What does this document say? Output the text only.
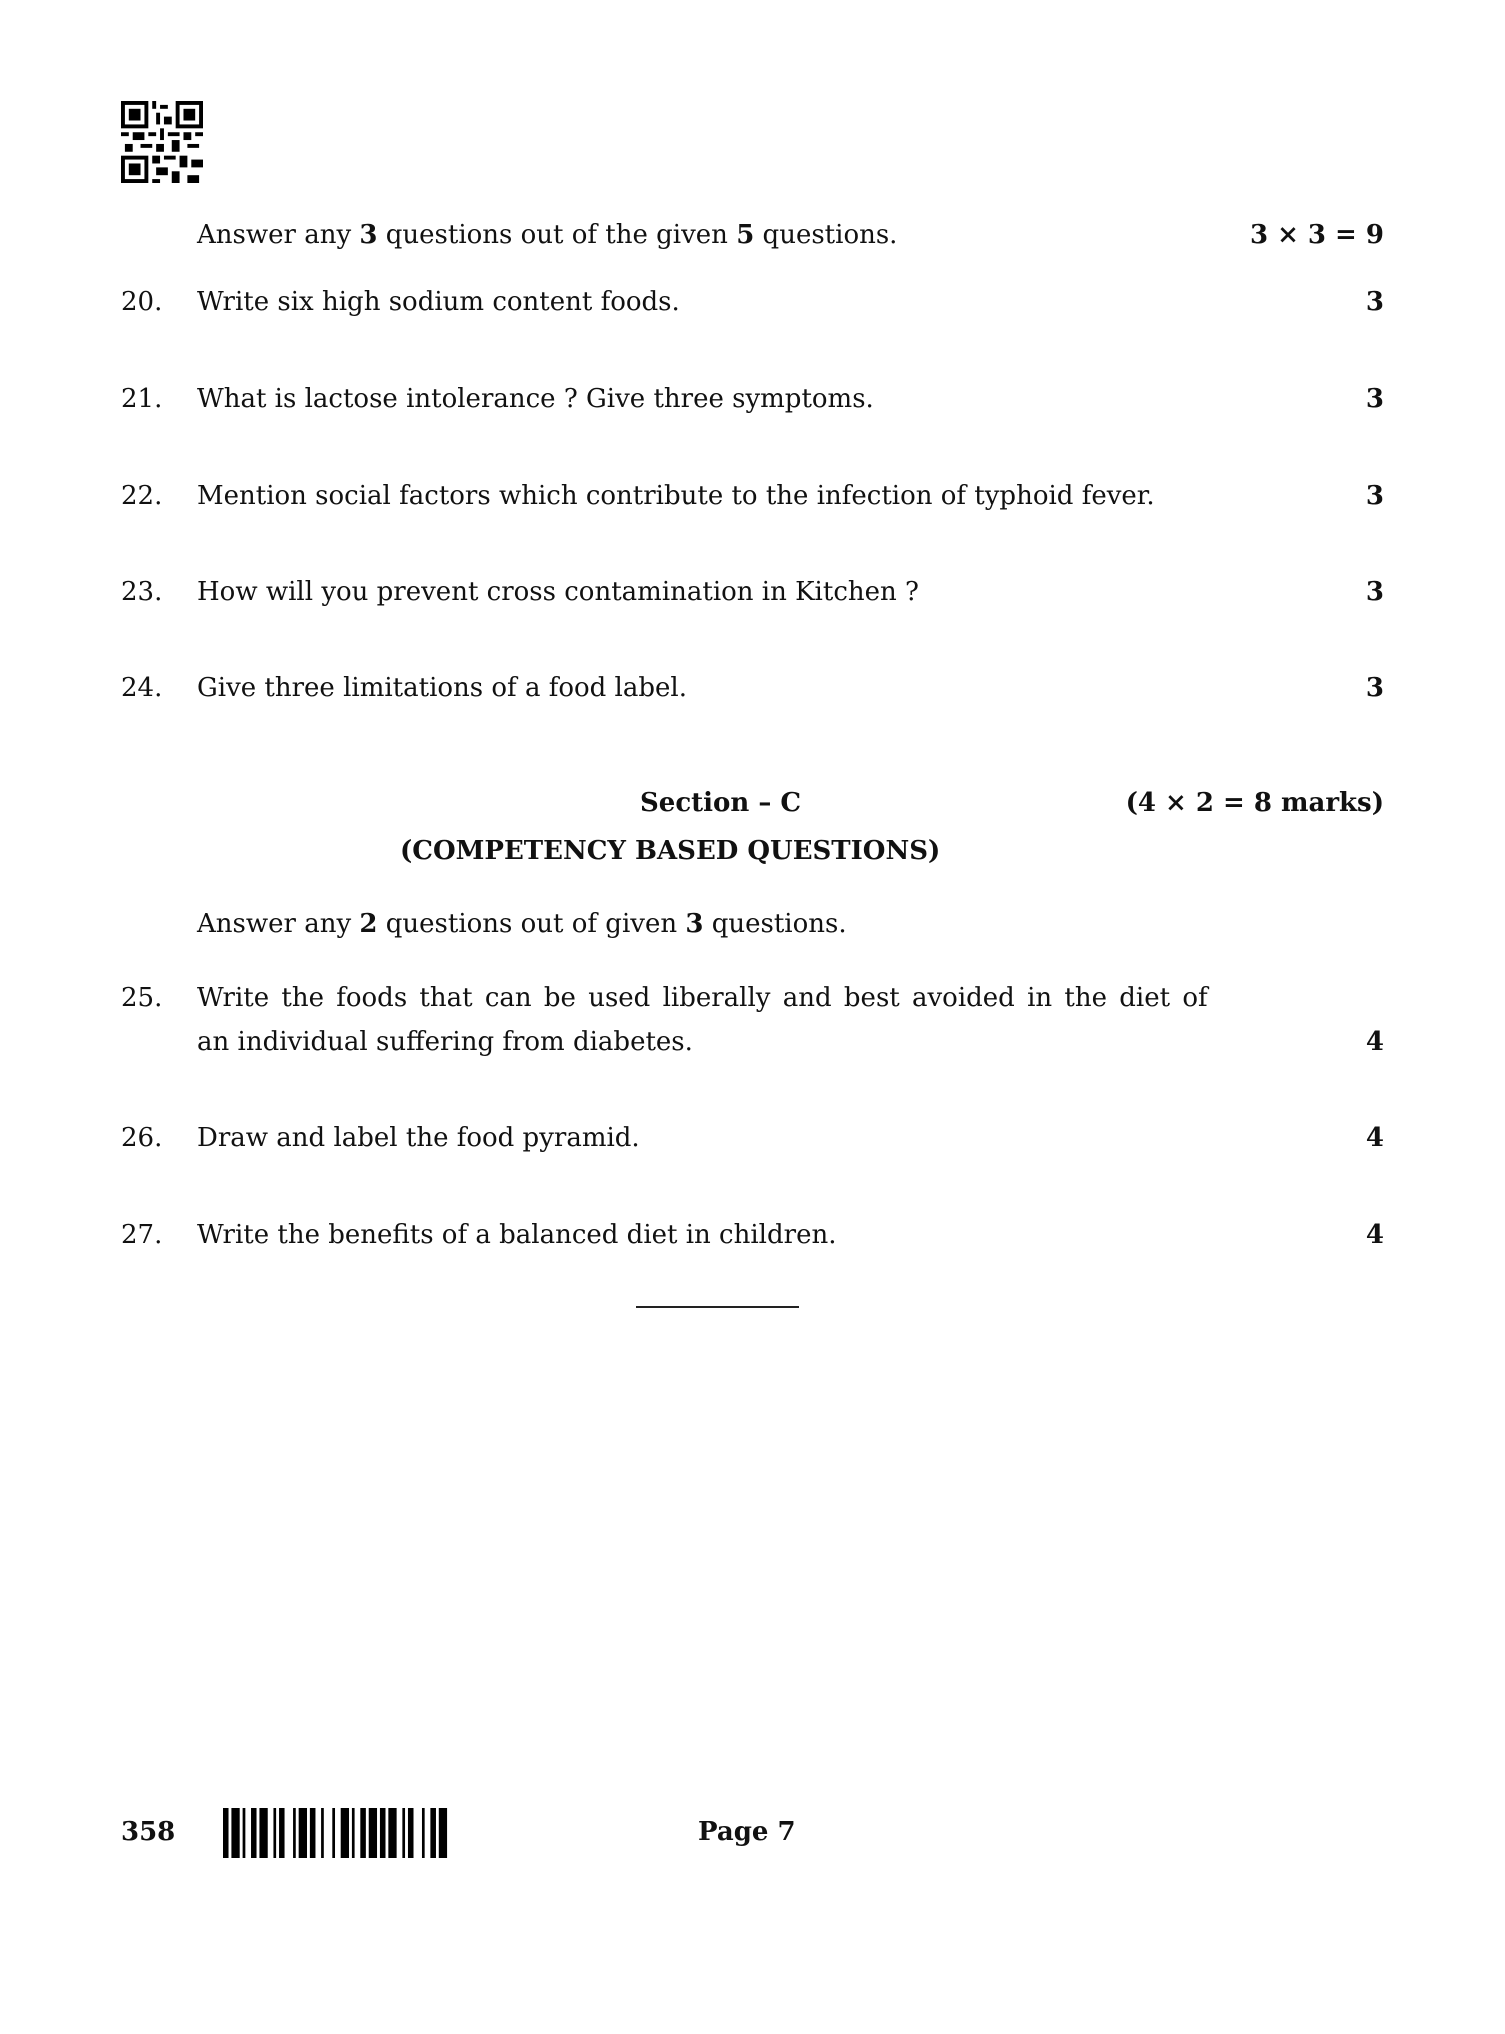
Answer any 3 questions out of the given 5 questions.	3 × 3 = 9
20. Write six high sodium content foods.	3
21. What is lactose intolerance ? Give three symptoms.	3
22. Mention social factors which contribute to the infection of typhoid fever.	3
23. How will you prevent cross contamination in Kitchen ?	3
24. Give three limitations of a food label.	3
Section – C	(4 × 2 = 8 marks)
(COMPETENCY BASED QUESTIONS)
Answer any 2 questions out of given 3 questions.
25. Write the foods that can be used liberally and best avoided in the diet of
an individual suffering from diabetes.	4
26. Draw and label the food pyramid.	4
27. Write the benefits of a balanced diet in children.	4
358	Page 7
